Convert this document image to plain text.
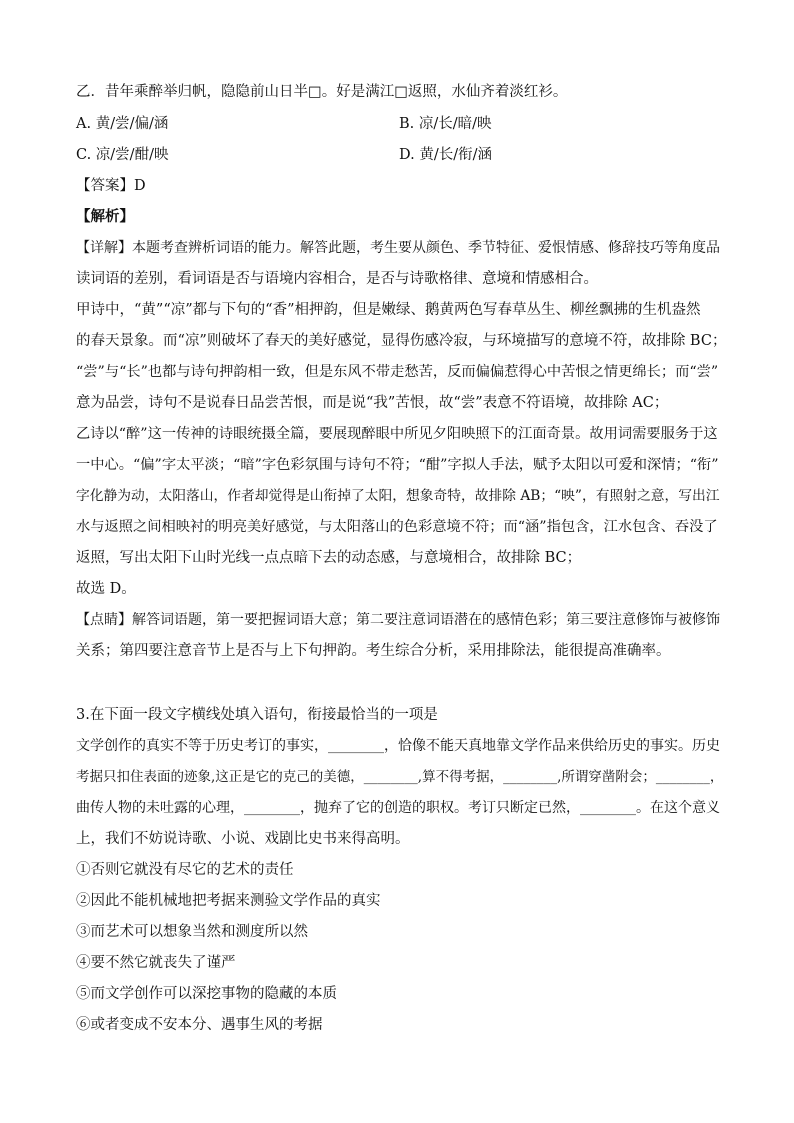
乙．昔年乘醉举归帆，隐隐前山日半□。好是满江□返照，水仙齐着淡红衫。
A. 黄/尝/偏/涵	B. 凉/长/暗/映
C. 凉/尝/酣/映	D. 黄/长/衔/涵
【答案】D
【解析】
【详解】本题考查辨析词语的能力。解答此题，考生要从颜色、季节特征、爱恨情感、修辞技巧等角度品
读词语的差别，看词语是否与语境内容相合，是否与诗歌格律、意境和情感相合。
甲诗中，“黄”“凉”都与下句的“香”相押韵，但是嫩绿、鹅黄两色写春草丛生、柳丝飘拂的生机盎然
的春天景象。而“凉”则破坏了春天的美好感觉，显得伤感冷寂，与环境描写的意境不符，故排除 BC；
“尝”与“长”也都与诗句押韵相一致，但是东风不带走愁苦，反而偏偏惹得心中苦恨之情更绵长；而“尝”
意为品尝，诗句不是说春日品尝苦恨，而是说“我”苦恨，故“尝”表意不符语境，故排除 AC；
乙诗以“醉”这一传神的诗眼统摄全篇，要展现醉眼中所见夕阳映照下的江面奇景。故用词需要服务于这
一中心。“偏”字太平淡；“暗”字色彩氛围与诗句不符；“酣”字拟人手法，赋予太阳以可爱和深情；“衔”
字化静为动，太阳落山，作者却觉得是山衔掉了太阳，想象奇特，故排除 AB；“映”，有照射之意，写出江
水与返照之间相映衬的明亮美好感觉，与太阳落山的色彩意境不符；而“涵”指包含，江水包含、吞没了
返照，写出太阳下山时光线一点点暗下去的动态感，与意境相合，故排除 BC；
故选 D。
【点睛】解答词语题，第一要把握词语大意；第二要注意词语潜在的感情色彩；第三要注意修饰与被修饰
关系；第四要注意音节上是否与上下句押韵。考生综合分析，采用排除法，能很提高准确率。
3.在下面一段文字横线处填入语句，衔接最恰当的一项是
文学创作的真实不等于历史考订的事实，________，恰像不能天真地靠文学作品来供给历史的事实。历史
考据只扣住表面的迹象,这正是它的克己的美德，________,算不得考据，________,所谓穿凿附会；________，
曲传人物的未吐露的心理，________，抛弃了它的创造的职权。考订只断定已然，________。在这个意义
上，我们不妨说诗歌、小说、戏剧比史书来得高明。
①否则它就没有尽它的艺术的责任
②因此不能机械地把考据来测验文学作品的真实
③而艺术可以想象当然和测度所以然
④要不然它就丧失了谨严
⑤而文学创作可以深挖事物的隐藏的本质
⑥或者变成不安本分、遇事生风的考据
